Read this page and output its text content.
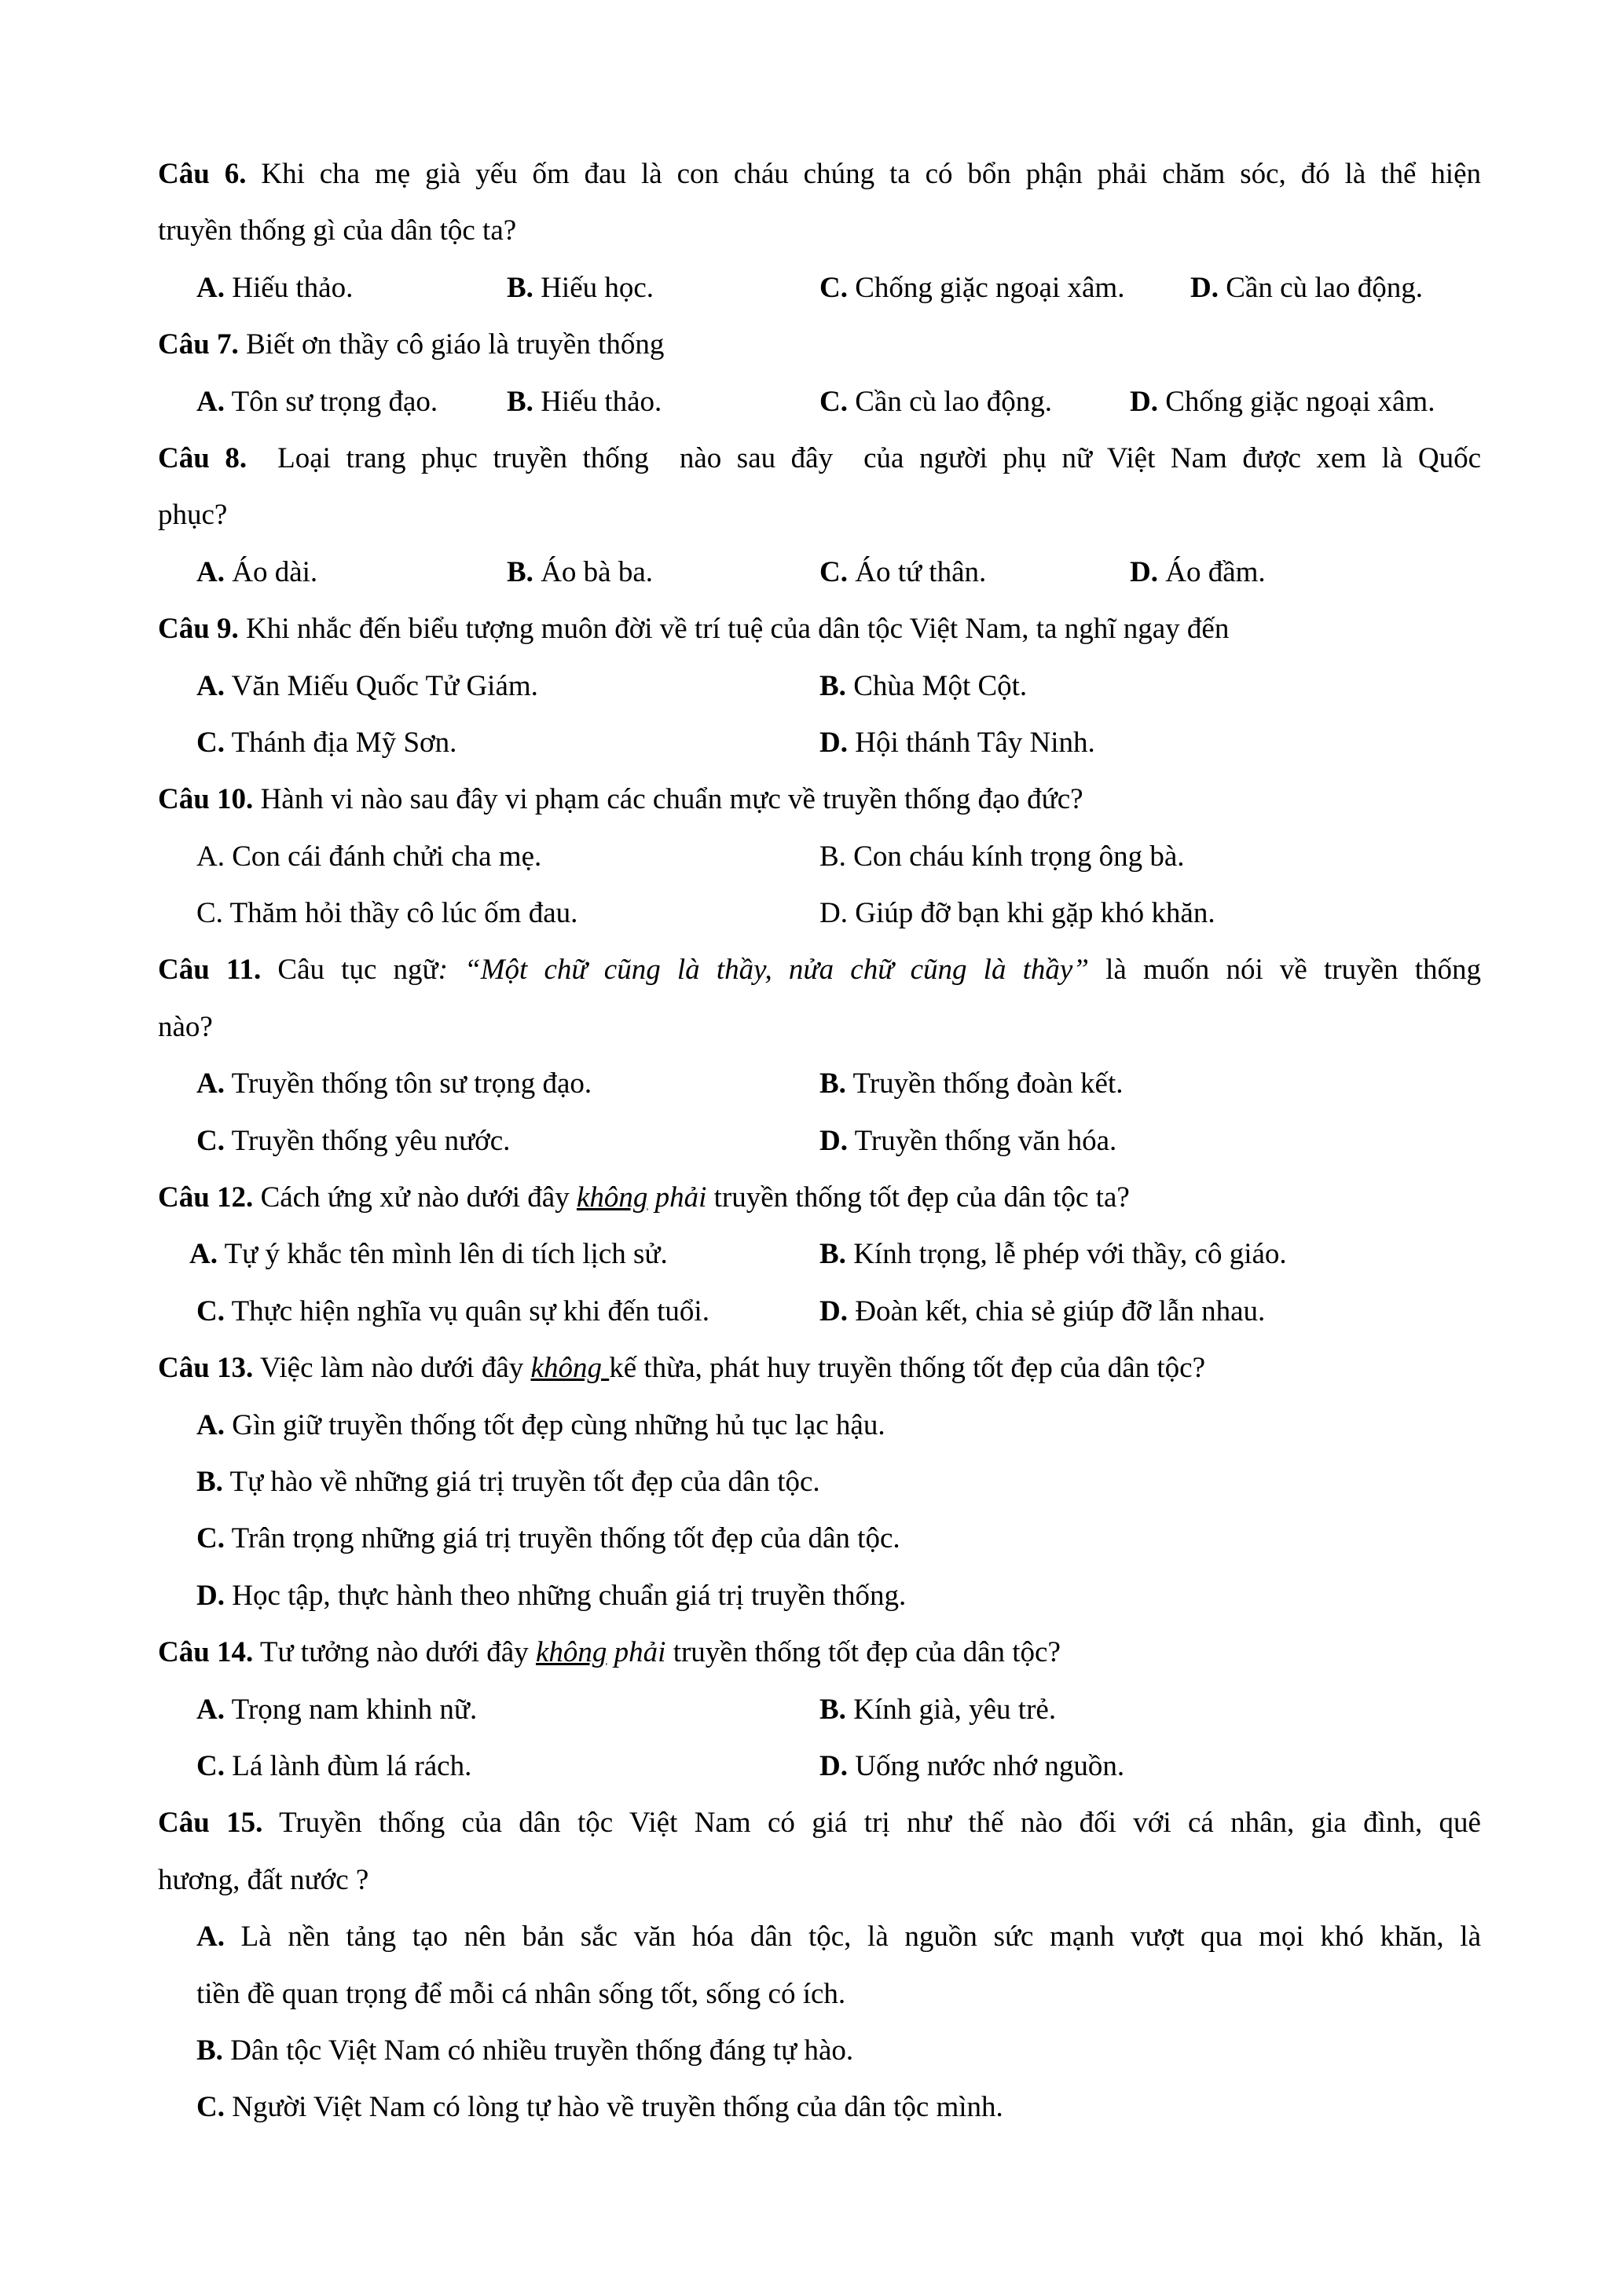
Câu 6. Khi cha mẹ già yếu ốm đau là con cháu chúng ta có bổn phận phải chăm sóc, đó là thể hiện
truyền thống gì của dân tộc ta?
A. Hiếu thảo.	B. Hiếu học.	C. Chống giặc ngoại xâm. D. Cần cù lao động.
Câu 7. Biết ơn thầy cô giáo là truyền thống
A. Tôn sư trọng đạo. B. Hiếu thảo.	C. Cần cù lao động.	D. Chống giặc ngoại xâm.
Câu 8. Loại trang phục truyền thống  nào sau đây  của người phụ nữ Việt Nam được xem là Quốc
phục?
A. Áo dài.	B. Áo bà ba.	C. Áo tứ thân.	D. Áo đầm.
Câu 9. Khi nhắc đến biểu tượng muôn đời về trí tuệ của dân tộc Việt Nam, ta nghĩ ngay đến
A. Văn Miếu Quốc Tử Giám.	B. Chùa Một Cột.
C. Thánh địa Mỹ Sơn.	D. Hội thánh Tây Ninh.
Câu 10. Hành vi nào sau đây vi phạm các chuẩn mực về truyền thống đạo đức?
A. Con cái đánh chửi cha mẹ.	B. Con cháu kính trọng ông bà.
C. Thăm hỏi thầy cô lúc ốm đau.	D. Giúp đỡ bạn khi gặp khó khăn.
Câu 11. Câu tục ngữ: “Một chữ cũng là thầy, nửa chữ cũng là thầy” là muốn nói về truyền thống
nào?
A. Truyền thống tôn sư trọng đạo.	B. Truyền thống đoàn kết.
C. Truyền thống yêu nước.	D. Truyền thống văn hóa.
Câu 12. Cách ứng xử nào dưới đây không phải truyền thống tốt đẹp của dân tộc ta?
A. Tự ý khắc tên mình lên di tích lịch sử.	B. Kính trọng, lễ phép với thầy, cô giáo.
C. Thực hiện nghĩa vụ quân sự khi đến tuổi.	D. Đoàn kết, chia sẻ giúp đỡ lẫn nhau.
Câu 13. Việc làm nào dưới đây không kế thừa, phát huy truyền thống tốt đẹp của dân tộc?
A. Gìn giữ truyền thống tốt đẹp cùng những hủ tục lạc hậu.
B. Tự hào về những giá trị truyền tốt đẹp của dân tộc.
C. Trân trọng những giá trị truyền thống tốt đẹp của dân tộc.
D. Học tập, thực hành theo những chuẩn giá trị truyền thống.
Câu 14. Tư tưởng nào dưới đây không phải truyền thống tốt đẹp của dân tộc?
A. Trọng nam khinh nữ.	B. Kính già, yêu trẻ.
C. Lá lành đùm lá rách.	D. Uống nước nhớ nguồn.
Câu 15. Truyền thống của dân tộc Việt Nam có giá trị như thế nào đối với cá nhân, gia đình, quê
hương, đất nước ?
A. Là nền tảng tạo nên bản sắc văn hóa dân tộc, là nguồn sức mạnh vượt qua mọi khó khăn, là
tiền đề quan trọng để mỗi cá nhân sống tốt, sống có ích.
B. Dân tộc Việt Nam có nhiều truyền thống đáng tự hào.
C. Người Việt Nam có lòng tự hào về truyền thống của dân tộc mình.
